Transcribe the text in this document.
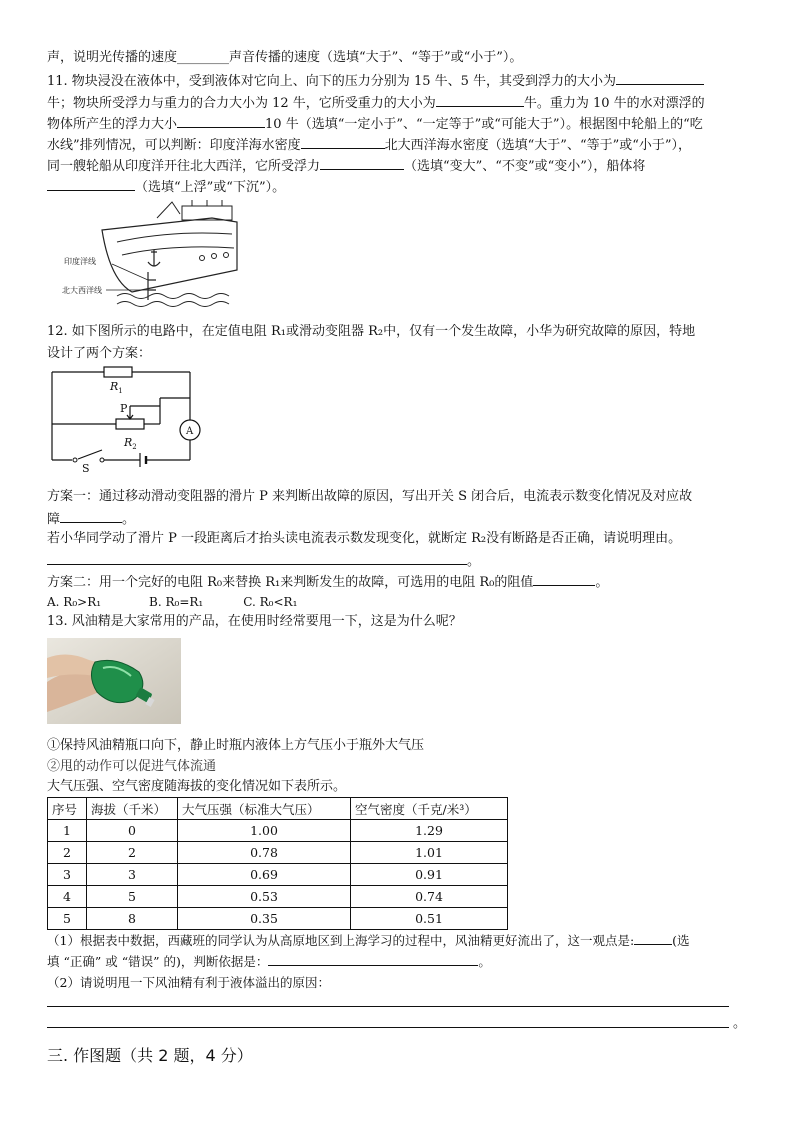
声，说明光传播的速度________声音传播的速度（选填“大于”、“等于”或“小于”）。
11. 物块浸没在液体中，受到液体对它向上、向下的压力分别为 15 牛、5 牛，其受到浮力的大小为
牛；物块所受浮力与重力的合力大小为 12 牛，它所受重力的大小为	牛。重力为 10 牛的水对漂浮的
物体所产生的浮力大小	10 牛（选填“一定小于”、“一定等于”或“可能大于”）。根据图中轮船上的“吃
水线”排列情况，可以判断：印度洋海水密度	北大西洋海水密度（选填“大于”、“等于”或“小于”），
同一艘轮船从印度洋开往北大西洋，它所受浮力	（选填“变大”、“不变”或“变小”），船体将
（选填“上浮”或“下沉”）。
印度洋线
北大西洋线
12. 如下图所示的电路中，在定值电阻 R₁或滑动变阻器 R₂中，仅有一个发生故障，小华为研究故障的原因，特地
设计了两个方案：
$R_1$
$R_2$
P
S
A
方案一：通过移动滑动变阻器的滑片 P 来判断出故障的原因，写出开关 S 闭合后，电流表示数变化情况及对应故
障	。
若小华同学动了滑片 P 一段距离后才抬头读电流表示数发现变化，就断定 R₂没有断路是否正确，请说明理由。
。
方案二：用一个完好的电阻 R₀来替换 R₁来判断发生的故障，可选用的电阻 R₀的阻值	。
A. R₀>R₁	B. R₀=R₁	C. R₀<R₁
13. 风油精是大家常用的产品，在使用时经常要甩一下，这是为什么呢？
①保持风油精瓶口向下，静止时瓶内液体上方气压小于瓶外大气压
②甩的动作可以促进气体流通
大气压强、空气密度随海拔的变化情况如下表所示。
序号	海拔（千米）	大气压强（标准大气压）	空气密度（千克/米³）
1	0	1.00	1.29
2	2	0.78	1.01
3	3	0.69	0.91
4	5	0.53	0.74
5	8	0.35	0.51
（1）根据表中数据，西藏班的同学认为从高原地区到上海学习的过程中，风油精更好流出了，这一观点是:	(选
填 “正确” 或 “错误” 的)，判断依据是：	。
（2）请说明甩一下风油精有利于液体溢出的原因：
。
三. 作图题（共 2 题，4 分）
